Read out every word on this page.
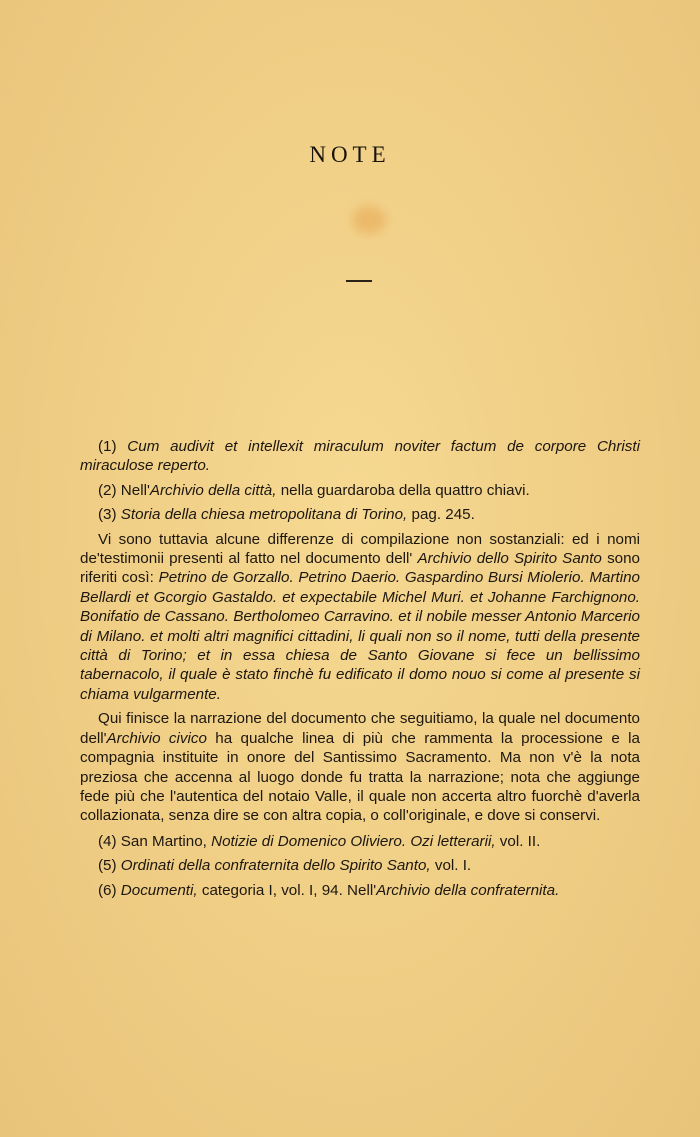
NOTE

(1) Cum audivit et intellexit miraculum noviter factum de corpore Christi miraculose reperto.

(2) Nell'Archivio della città, nella guardaroba della quattro chiavi.

(3) Storia della chiesa metropolitana di Torino, pag. 245.

Vi sono tuttavia alcune differenze di compilazione non sostanziali: ed i nomi de'testimonii presenti al fatto nel documento dell' Archivio dello Spirito Santo sono riferiti così: Petrino de Gorzallo. Petrino Daerio. Gaspardino Bursi Miolerio. Martino Bellardi et Gcorgio Gastaldo. et expectabile Michel Muri. et Johanne Farchignono. Bonifatio de Cassano. Bertholomeo Carravino. et il nobile messer Antonio Marcerio di Milano. et molti altri magnifici cittadini, li quali non so il nome, tutti della presente città di Torino; et in essa chiesa de Santo Giovane si fece un bellissimo tabernacolo, il quale è stato finchè fu edificato il domo nouo si come al presente si chiama vulgarmente.

Qui finisce la narrazione del documento che seguitiamo, la quale nel documento dell'Archivio civico ha qualche linea di più che rammenta la processione e la compagnia instituite in onore del Santissimo Sacramento. Ma non v'è la nota preziosa che accenna al luogo donde fu tratta la narrazione; nota che aggiunge fede più che l'autentica del notaio Valle, il quale non accerta altro fuorchè d'averla collazionata, senza dire se con altra copia, o coll'originale, e dove si conservi.

(4) San Martino, Notizie di Domenico Oliviero. Ozi letterarii, vol. II.

(5) Ordinati della confraternita dello Spirito Santo, vol. I.

(6) Documenti, categoria I, vol. I, 94. Nell'Archivio della confraternita.
